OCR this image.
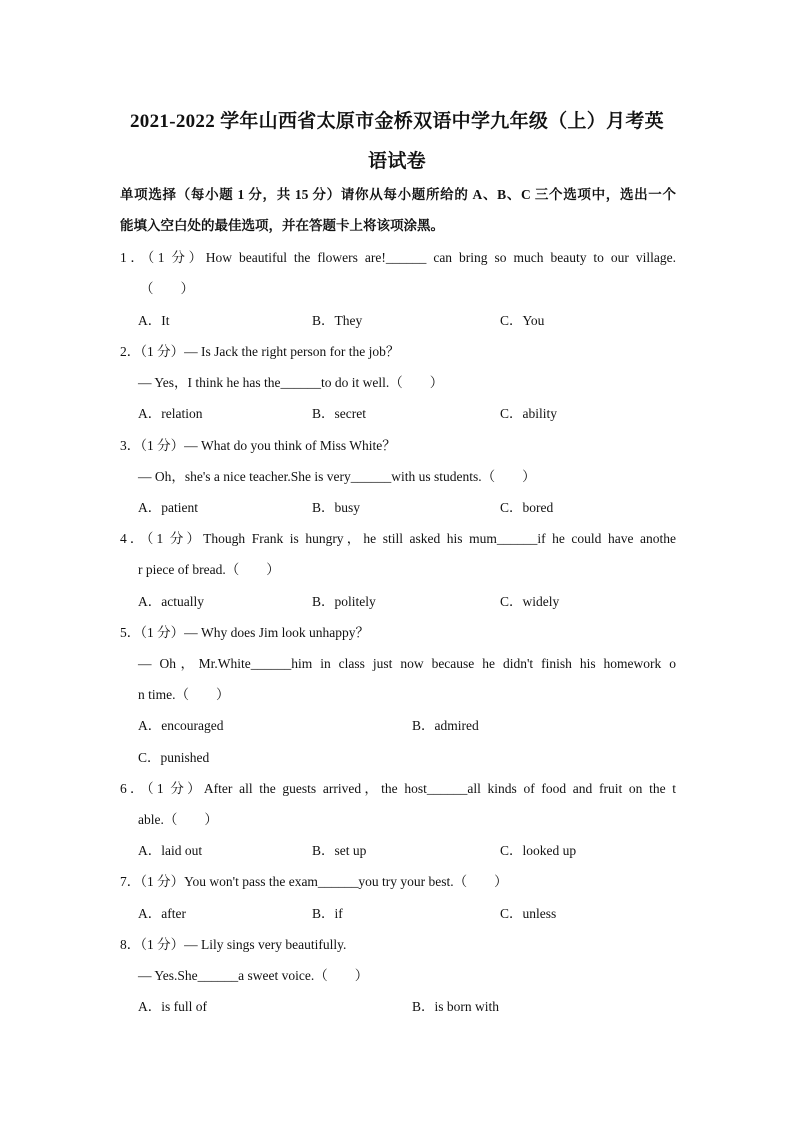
2021-2022 学年山西省太原市金桥双语中学九年级（上）月考英
语试卷
单项选择（每小题 1 分，共 15 分）请你从每小题所给的 A、B、C 三个选项中，选出一个
能填入空白处的最佳选项，并在答题卡上将该项涂黑。
1．（1 分）How beautiful the flowers are!______ can bring so much beauty to our village.
（　　）
A．It	B．They	C．You
2．（1 分）— Is Jack the right person for the job？
— Yes，I think he has the______to do it well.（　　）
A．relation	B．secret	C．ability
3．（1 分）— What do you think of Miss White？
— Oh，she's a nice teacher.She is very______with us students.（　　）
A．patient	B．busy	C．bored
4．（1 分）Though Frank is hungry，he still asked his mum______if he could have anothe
r piece of bread.（　　）
A．actually	B．politely	C．widely
5．（1 分）— Why does Jim look unhappy？
— Oh，Mr.White______him in class just now because he didn't finish his homework o
n time.（　　）
A．encouraged	B．admired
C．punished
6．（1 分）After all the guests arrived，the host______all kinds of food and fruit on the t
able.（　　）
A．laid out	B．set up	C．looked up
7．（1 分）You won't pass the exam______you try your best.（　　）
A．after	B．if	C．unless
8．（1 分）— Lily sings very beautifully.
— Yes.She______a sweet voice.（　　）
A．is full of	B．is born with
